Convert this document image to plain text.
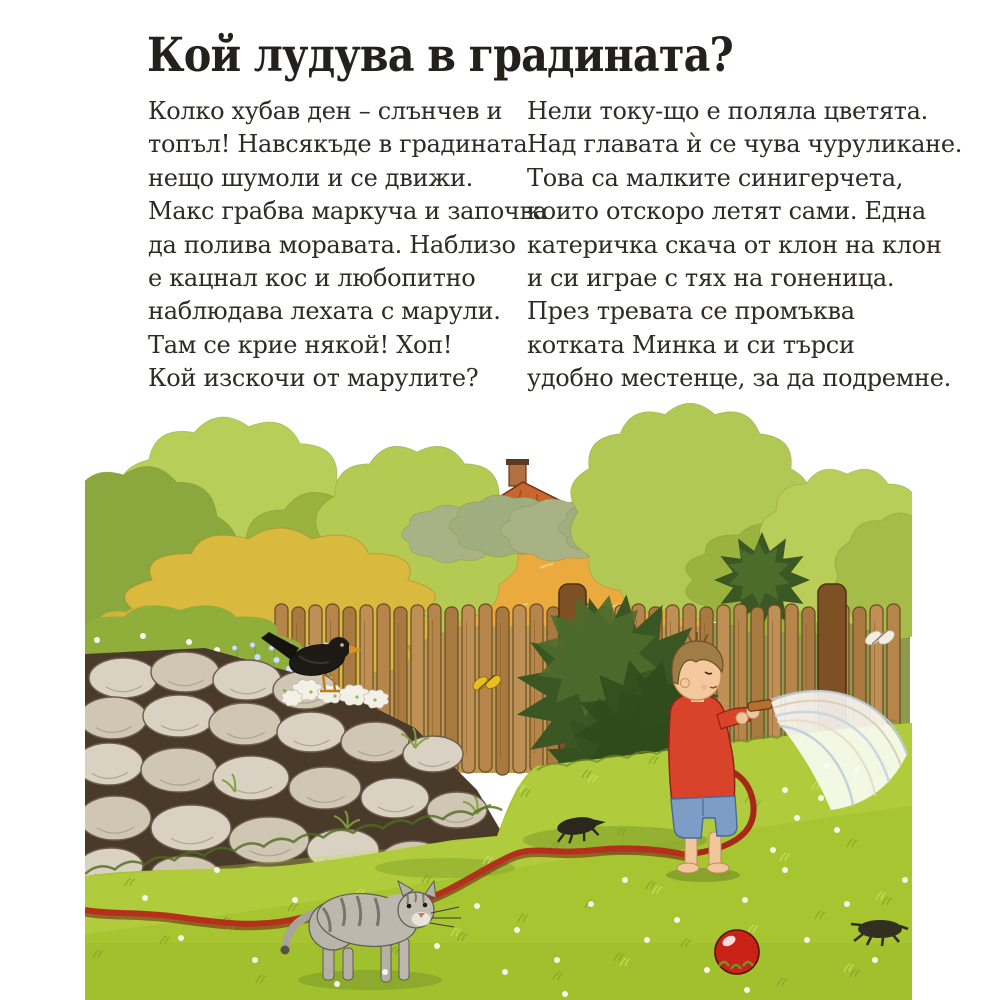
Кой лудува в градината?

Колко хубав ден – слънчев и

топъл! Навсякъде в градината

нещо шумоли и се движи.

Макс грабва маркуча и започва

да полива моравата. Наблизо

е кацнал кос и любопитно

наблюдава лехата с марули.

Там се крие някой! Хоп!

Кой изскочи от марулите?

Нели току-що е поляла цветята.

Над главата ѝ се чува чуруликане.

Това са малките синигерчета,

които отскоро летят сами. Една

катеричка скача от клон на клон

и си играе с тях на гоненица.

През тревата се промъква

котката Минка и си търси

удобно местенце, за да подремне.
